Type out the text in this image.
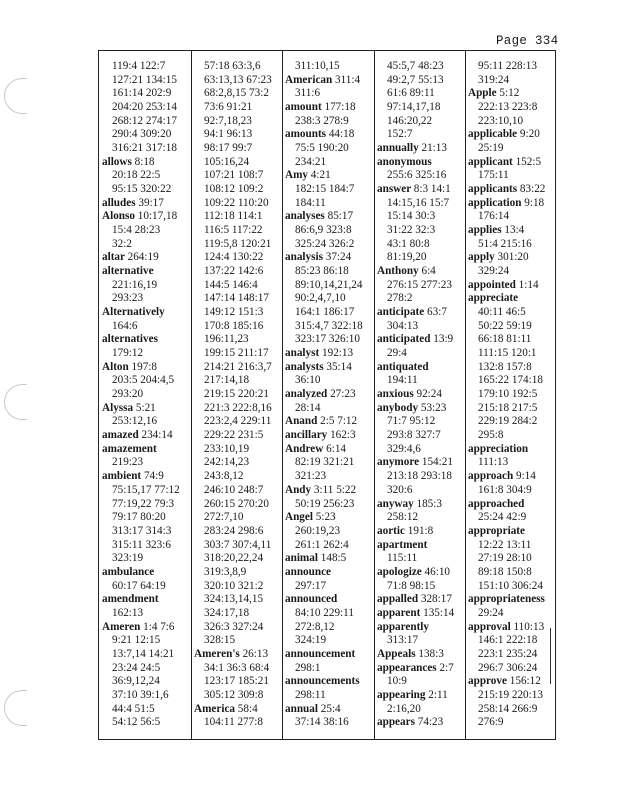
Page 334
119:4 122:7
127:21 134:15
161:14 202:9
204:20 253:14
268:12 274:17
290:4 309:20
316:21 317:18
allows 8:18
20:18 22:5
95:15 320:22
alludes 39:17
Alonso 10:17,18
15:4 28:23
32:2
altar 264:19
alternative
221:16,19
293:23
Alternatively
164:6
alternatives
179:12
Alton 197:8
203:5 204:4,5
293:20
Alyssa 5:21
253:12,16
amazed 234:14
amazement
219:23
ambient 74:9
75:15,17 77:12
77:19,22 79:3
79:17 80:20
313:17 314:3
315:11 323:6
323:19
ambulance
60:17 64:19
amendment
162:13
Ameren 1:4 7:6
9:21 12:15
13:7,14 14:21
23:24 24:5
36:9,12,24
37:10 39:1,6
44:4 51:5
54:12 56:5
57:18 63:3,6
63:13,13 67:23
68:2,8,15 73:2
73:6 91:21
92:7,18,23
94:1 96:13
98:17 99:7
105:16,24
107:21 108:7
108:12 109:2
109:22 110:20
112:18 114:1
116:5 117:22
119:5,8 120:21
124:4 130:22
137:22 142:6
144:5 146:4
147:14 148:17
149:12 151:3
170:8 185:16
196:11,23
199:15 211:17
214:21 216:3,7
217:14,18
219:15 220:21
221:3 222:8,16
223:2,4 229:11
229:22 231:5
233:10,19
242:14,23
243:8,12
246:10 248:7
260:15 270:20
272:7,10
283:24 298:6
303:7 307:4,11
318:20,22,24
319:3,8,9
320:10 321:2
324:13,14,15
324:17,18
326:3 327:24
328:15
Ameren's 26:13
34:1 36:3 68:4
123:17 185:21
305:12 309:8
America 58:4
104:11 277:8
311:10,15
American 311:4
311:6
amount 177:18
238:3 278:9
amounts 44:18
75:5 190:20
234:21
Amy 4:21
182:15 184:7
184:11
analyses 85:17
86:6,9 323:8
325:24 326:2
analysis 37:24
85:23 86:18
89:10,14,21,24
90:2,4,7,10
164:1 186:17
315:4,7 322:18
323:17 326:10
analyst 192:13
analysts 35:14
36:10
analyzed 27:23
28:14
Anand 2:5 7:12
ancillary 162:3
Andrew 6:14
82:19 321:21
321:23
Andy 3:11 5:22
50:19 256:23
Angel 5:23
260:19,23
261:1 262:4
animal 148:5
announce
297:17
announced
84:10 229:11
272:8,12
324:19
announcement
298:1
announcements
298:11
annual 25:4
37:14 38:16
45:5,7 48:23
49:2,7 55:13
61:6 89:11
97:14,17,18
146:20,22
152:7
annually 21:13
anonymous
255:6 325:16
answer 8:3 14:1
14:15,16 15:7
15:14 30:3
31:22 32:3
43:1 80:8
81:19,20
Anthony 6:4
276:15 277:23
278:2
anticipate 63:7
304:13
anticipated 13:9
29:4
antiquated
194:11
anxious 92:24
anybody 53:23
71:7 95:12
293:8 327:7
329:4,6
anymore 154:21
213:18 293:18
320:6
anyway 185:3
258:12
aortic 191:8
apartment
115:11
apologize 46:10
71:8 98:15
appalled 328:17
apparent 135:14
apparently
313:17
Appeals 138:3
appearances 2:7
10:9
appearing 2:11
2:16,20
appears 74:23
95:11 228:13
319:24
Apple 5:12
222:13 223:8
223:10,10
applicable 9:20
25:19
applicant 152:5
175:11
applicants 83:22
application 9:18
176:14
applies 13:4
51:4 215:16
apply 301:20
329:24
appointed 1:14
appreciate
40:11 46:5
50:22 59:19
66:18 81:11
111:15 120:1
132:8 157:8
165:22 174:18
179:10 192:5
215:18 217:5
229:19 284:2
295:8
appreciation
111:13
approach 9:14
161:8 304:9
approached
25:24 42:9
appropriate
12:22 13:11
27:19 28:10
89:18 150:8
151:10 306:24
appropriateness
29:24
approval 110:13
146:1 222:18
223:1 235:24
296:7 306:24
approve 156:12
215:19 220:13
258:14 266:9
276:9
